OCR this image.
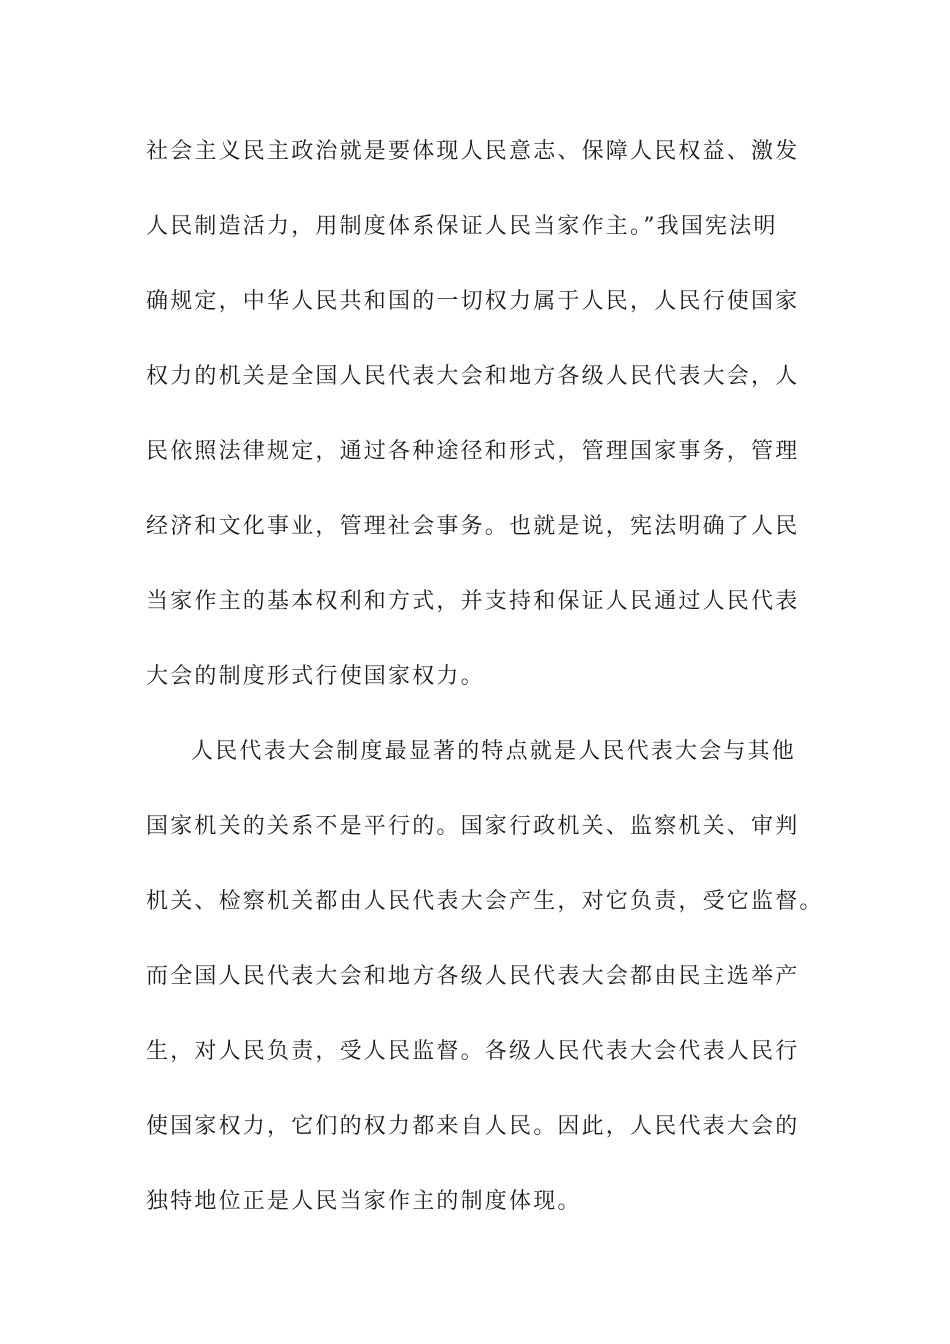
社会主义民主政治就是要体现人民意志、保障人民权益、激发
人民制造活力，用制度体系保证人民当家作主。”我国宪法明
确规定，中华人民共和国的一切权力属于人民，人民行使国家
权力的机关是全国人民代表大会和地方各级人民代表大会，人
民依照法律规定，通过各种途径和形式，管理国家事务，管理
经济和文化事业，管理社会事务。也就是说，宪法明确了人民
当家作主的基本权利和方式，并支持和保证人民通过人民代表
大会的制度形式行使国家权力。
人民代表大会制度最显著的特点就是人民代表大会与其他
国家机关的关系不是平行的。国家行政机关、监察机关、审判
机关、检察机关都由人民代表大会产生，对它负责，受它监督。
而全国人民代表大会和地方各级人民代表大会都由民主选举产
生，对人民负责，受人民监督。各级人民代表大会代表人民行
使国家权力，它们的权力都来自人民。因此，人民代表大会的
独特地位正是人民当家作主的制度体现。
